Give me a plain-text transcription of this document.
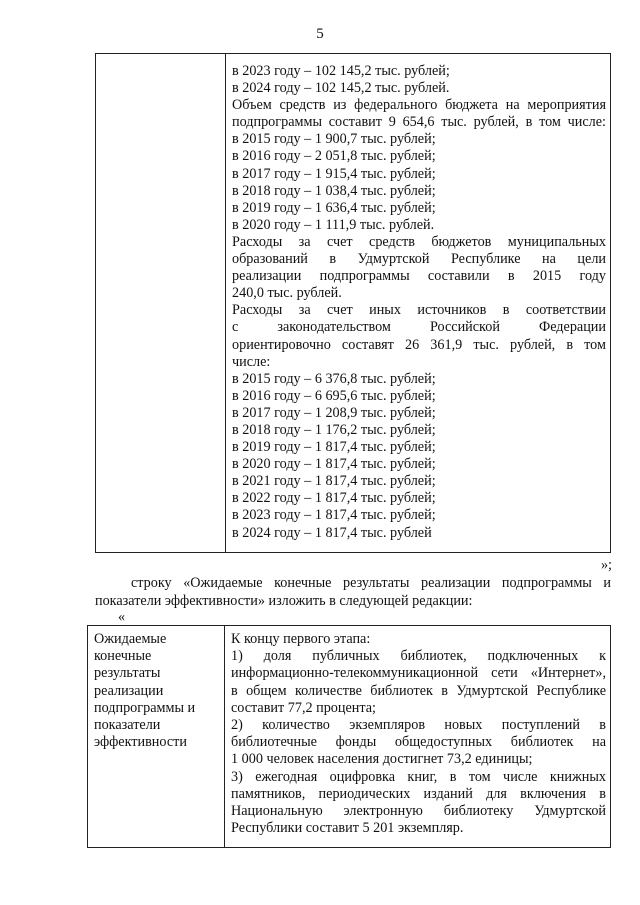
5
в 2023 году – 102 145,2 тыс. рублей;
в 2024 году – 102 145,2 тыс. рублей.
Объем средств из федерального бюджета на мероприятия
подпрограммы составит 9 654,6 тыс. рублей, в том числе:
в 2015 году – 1 900,7 тыс. рублей;
в 2016 году – 2 051,8 тыс. рублей;
в 2017 году – 1 915,4 тыс. рублей;
в 2018 году – 1 038,4 тыс. рублей;
в 2019 году – 1 636,4 тыс. рублей;
в 2020 году – 1 111,9 тыс. рублей.
Расходы за счет средств бюджетов муниципальных
образований в Удмуртской Республике на цели
реализации подпрограммы составили в 2015 году
240,0 тыс. рублей.
Расходы за счет иных источников в соответствии
с законодательством Российской Федерации
ориентировочно составят 26 361,9 тыс. рублей, в том
числе:
в 2015 году – 6 376,8 тыс. рублей;
в 2016 году – 6 695,6 тыс. рублей;
в 2017 году – 1 208,9 тыс. рублей;
в 2018 году – 1 176,2 тыс. рублей;
в 2019 году – 1 817,4 тыс. рублей;
в 2020 году – 1 817,4 тыс. рублей;
в 2021 году – 1 817,4 тыс. рублей;
в 2022 году – 1 817,4 тыс. рублей;
в 2023 году – 1 817,4 тыс. рублей;
в 2024 году – 1 817,4 тыс. рублей
»;
строку «Ожидаемые конечные результаты реализации подпрограммы и
показатели эффективности» изложить в следующей редакции:
«
Ожидаемые
конечные
результаты
реализации
подпрограммы и
показатели
эффективности
К концу первого этапа:
1) доля публичных библиотек, подключенных к
информационно-телекоммуникационной сети «Интернет»,
в общем количестве библиотек в Удмуртской Республике
составит 77,2 процента;
2) количество экземпляров новых поступлений в
библиотечные фонды общедоступных библиотек на
1 000 человек населения достигнет 73,2 единицы;
3) ежегодная оцифровка книг, в том числе книжных
памятников, периодических изданий для включения в
Национальную электронную библиотеку Удмуртской
Республики составит 5 201 экземпляр.
